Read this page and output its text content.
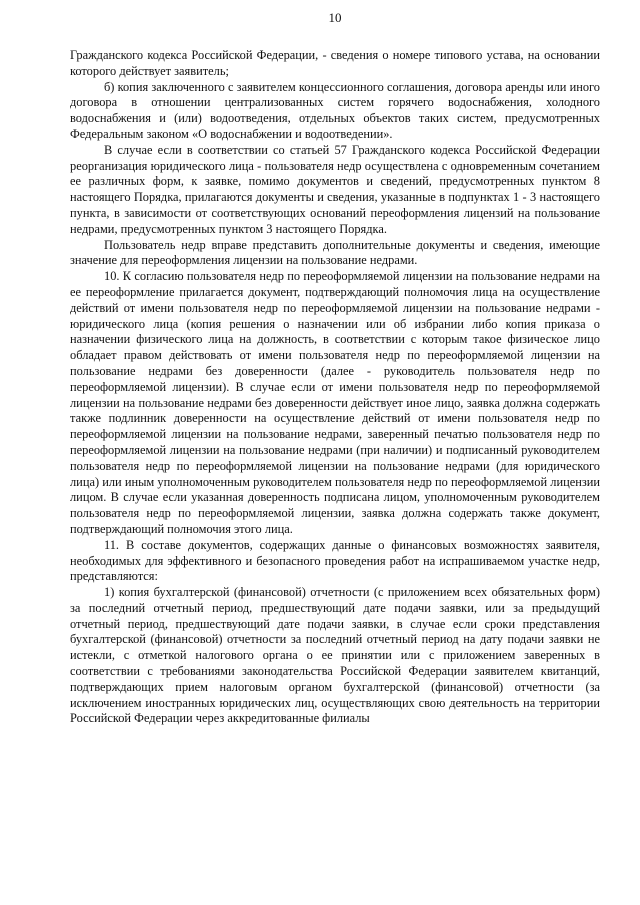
10

Гражданского кодекса Российской Федерации, - сведения о номере типового устава, на основании которого действует заявитель;

б) копия заключенного с заявителем концессионного соглашения, договора аренды или иного договора в отношении централизованных систем горячего водоснабжения, холодного водоснабжения и (или) водоотведения, отдельных объектов таких систем, предусмотренных Федеральным законом «О водоснабжении и водоотведении».

В случае если в соответствии со статьей 57 Гражданского кодекса Российской Федерации реорганизация юридического лица - пользователя недр осуществлена с одновременным сочетанием ее различных форм, к заявке, помимо документов и сведений, предусмотренных пунктом 8 настоящего Порядка, прилагаются документы и сведения, указанные в подпунктах 1 - 3 настоящего пункта, в зависимости от соответствующих оснований переоформления лицензий на пользование недрами, предусмотренных пунктом 3 настоящего Порядка.

Пользователь недр вправе представить дополнительные документы и сведения, имеющие значение для переоформления лицензии на пользование недрами.

10. К согласию пользователя недр по переоформляемой лицензии на пользование недрами на ее переоформление прилагается документ, подтверждающий полномочия лица на осуществление действий от имени пользователя недр по переоформляемой лицензии на пользование недрами - юридического лица (копия решения о назначении или об избрании либо копия приказа о назначении физического лица на должность, в соответствии с которым такое физическое лицо обладает правом действовать от имени пользователя недр по переоформляемой лицензии на пользование недрами без доверенности (далее - руководитель пользователя недр по переоформляемой лицензии). В случае если от имени пользователя недр по переоформляемой лицензии на пользование недрами без доверенности действует иное лицо, заявка должна содержать также подлинник доверенности на осуществление действий от имени пользователя недр по переоформляемой лицензии на пользование недрами, заверенный печатью пользователя недр по переоформляемой лицензии на пользование недрами (при наличии) и подписанный руководителем пользователя недр по переоформляемой лицензии на пользование недрами (для юридического лица) или иным уполномоченным руководителем пользователя недр по переоформляемой лицензии лицом. В случае если указанная доверенность подписана лицом, уполномоченным руководителем пользователя недр по переоформляемой лицензии, заявка должна содержать также документ, подтверждающий полномочия этого лица.

11. В составе документов, содержащих данные о финансовых возможностях заявителя, необходимых для эффективного и безопасного проведения работ на испрашиваемом участке недр, представляются:

1) копия бухгалтерской (финансовой) отчетности (с приложением всех обязательных форм) за последний отчетный период, предшествующий дате подачи заявки, или за предыдущий отчетный период, предшествующий дате подачи заявки, в случае если сроки представления бухгалтерской (финансовой) отчетности за последний отчетный период на дату подачи заявки не истекли, с отметкой налогового органа о ее принятии или с приложением заверенных в соответствии с требованиями законодательства Российской Федерации заявителем квитанций, подтверждающих прием налоговым органом бухгалтерской (финансовой) отчетности (за исключением иностранных юридических лиц, осуществляющих свою деятельность на территории Российской Федерации через аккредитованные филиалы
